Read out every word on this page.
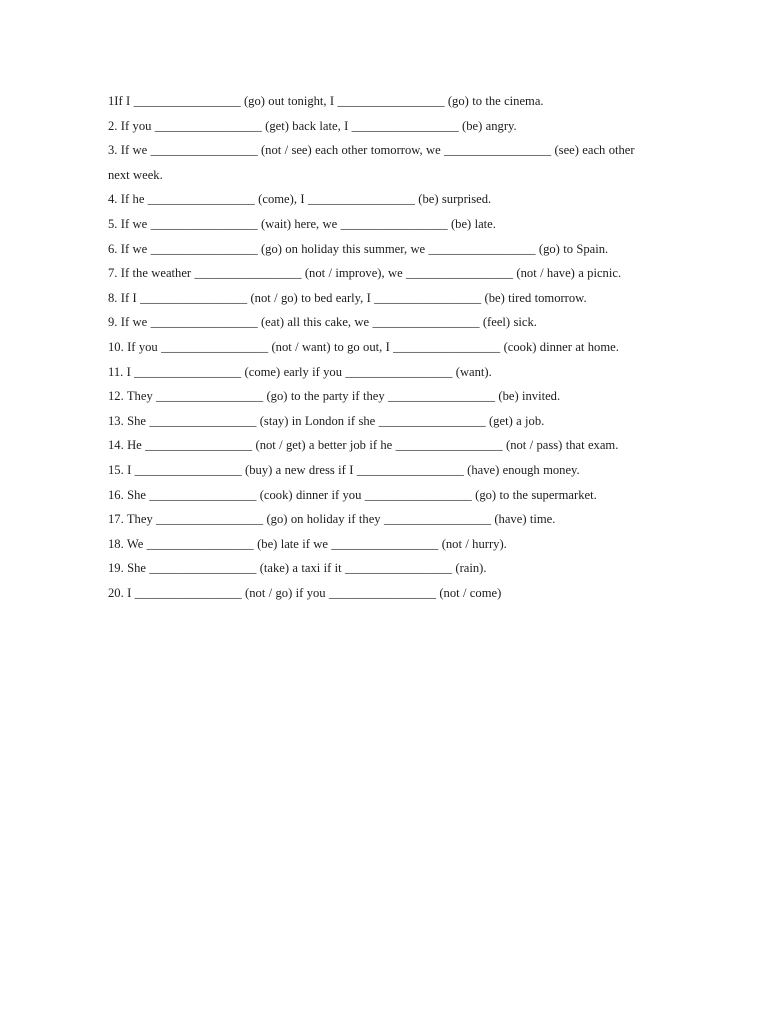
1If I _________________ (go) out tonight, I _________________ (go) to the cinema.

2. If you _________________ (get) back late, I _________________ (be) angry.

3. If we _________________ (not / see) each other tomorrow, we _________________ (see) each other next week.

4. If he _________________ (come), I _________________ (be) surprised.

5. If we _________________ (wait) here, we _________________ (be) late.

6. If we _________________ (go) on holiday this summer, we _________________ (go) to Spain.

7. If the weather _________________ (not / improve), we _________________ (not / have) a picnic.

8. If I _________________ (not / go) to bed early, I _________________ (be) tired tomorrow.

9. If we _________________ (eat) all this cake, we _________________ (feel) sick.

10. If you _________________ (not / want) to go out, I _________________ (cook) dinner at home.

11. I _________________ (come) early if you _________________ (want).

12. They _________________ (go) to the party if they _________________ (be) invited.

13. She _________________ (stay) in London if she _________________ (get) a job.

14. He _________________ (not / get) a better job if he _________________ (not / pass) that exam.

15. I _________________ (buy) a new dress if I _________________ (have) enough money.

16. She _________________ (cook) dinner if you _________________ (go) to the supermarket.

17. They _________________ (go) on holiday if they _________________ (have) time.

18. We _________________ (be) late if we _________________ (not / hurry).

19. She _________________ (take) a taxi if it _________________ (rain).

20. I _________________ (not / go) if you _________________ (not / come)
